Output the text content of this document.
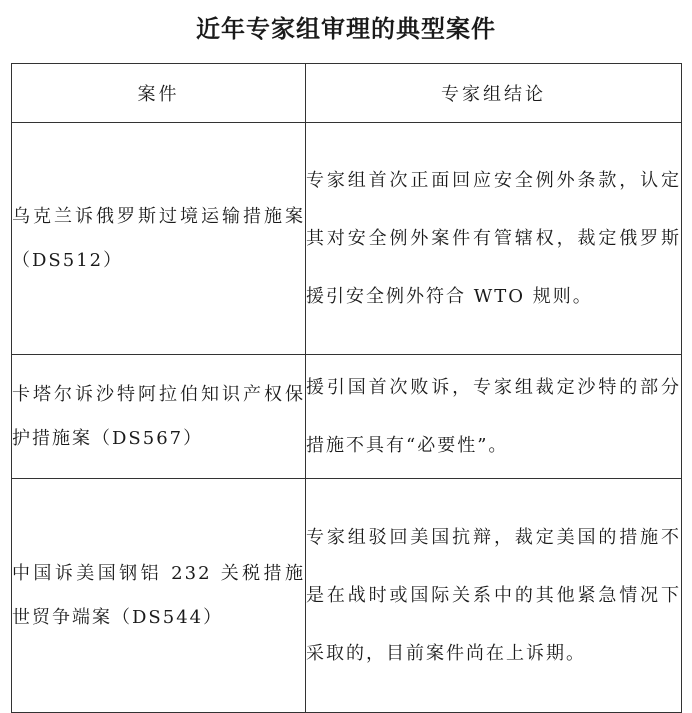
近年专家组审理的典型案件
案件	专家组结论
乌克兰诉俄罗斯过境运输措施案（DS512）	专家组首次正面回应安全例外条款，认定其对安全例外案件有管辖权，裁定俄罗斯援引安全例外符合 WTO 规则。
卡塔尔诉沙特阿拉伯知识产权保护措施案（DS567）	援引国首次败诉，专家组裁定沙特的部分措施不具有“必要性”。
中国诉美国钢铝 232 关税措施世贸争端案（DS544）	专家组驳回美国抗辩，裁定美国的措施不是在战时或国际关系中的其他紧急情况下采取的，目前案件尚在上诉期。
